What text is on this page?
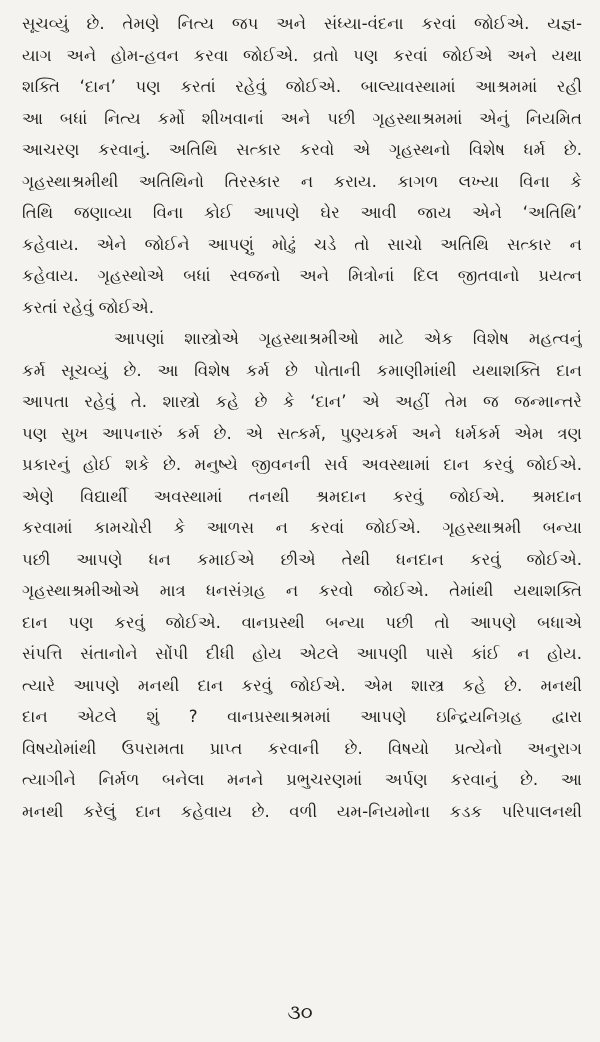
સૂચવ્યું છે. તેમણે નિત્ય જપ અને સંધ્યા-વંદના કરવાં જોઈએ. યજ્ઞ-
યાગ અને હોમ-હવન કરવા જોઈએ. વ્રતો પણ કરવાં જોઈએ અને યથા
શક્તિ ‘દાન’ પણ કરતાં રહેવું જોઈએ. બાલ્યાવસ્થામાં આશ્રમમાં રહી
આ બધાં નિત્ય કર્મો શીખવાનાં અને પછી ગૃહસ્થાશ્રમમાં એનું નિયમિત
આચરણ કરવાનું. અતિથિ સત્કાર કરવો એ ગૃહસ્થનો વિશેષ ધર્મ છે.
ગૃહસ્થાશ્રમીથી અતિથિનો તિરસ્કાર ન કરાય. કાગળ લખ્યા વિના કે
તિથિ જણાવ્યા વિના કોઈ આપણે ઘેર આવી જાય એને ‘અતિથિ’
કહેવાય. એને જોઈને આપણું મોઢું ચડે તો સાચો અતિથિ સત્કાર ન
કહેવાય. ગૃહસ્થોએ બધાં સ્વજનો અને મિત્રોનાં દિલ જીતવાનો પ્રયત્ન
કરતાં રહેવું જોઈએ.
આપણાં શાસ્ત્રોએ ગૃહસ્થાશ્રમીઓ માટે એક વિશેષ મહત્વનું
કર્મ સૂચવ્યું છે. આ વિશેષ કર્મ છે પોતાની કમાણીમાંથી યથાશક્તિ દાન
આપતા રહેવું તે. શાસ્ત્રો કહે છે કે ‘દાન’ એ અહીં તેમ જ જન્માન્તરે
પણ સુખ આપનારું કર્મ છે. એ સત્કર્મ, પુણ્યકર્મ અને ધર્મકર્મ એમ ત્રણ
પ્રકારનું હોઈ શકે છે. મનુષ્યે જીવનની સર્વ અવસ્થામાં દાન કરવું જોઈએ.
એણે વિદ્યાર્થી અવસ્થામાં તનથી શ્રમદાન કરવું જોઈએ. શ્રમદાન
કરવામાં કામચોરી કે આળસ ન કરવાં જોઈએ. ગૃહસ્થાશ્રમી બન્યા
પછી આપણે ધન કમાઈએ છીએ તેથી ધનદાન કરવું જોઈએ.
ગૃહસ્થાશ્રમીઓએ માત્ર ધનસંગ્રહ ન કરવો જોઈએ. તેમાંથી યથાશક્તિ
દાન પણ કરવું જોઈએ. વાનપ્રસ્થી બન્યા પછી તો આપણે બધાએ
સંપત્તિ સંતાનોને સોંપી દીધી હોય એટલે આપણી પાસે કાંઈ ન હોય.
ત્યારે આપણે મનથી દાન કરવું જોઈએ. એમ શાસ્ત્ર કહે છે. મનથી
દાન એટલે શું ? વાનપ્રસ્થાશ્રમમાં આપણે ઇન્દ્રિયનિગ્રહ દ્વારા
વિષયોમાંથી ઉપરામતા પ્રાપ્ત કરવાની છે. વિષયો પ્રત્યેનો અનુરાગ
ત્યાગીને નિર્મળ બનેલા મનને પ્રભુચરણમાં અર્પણ કરવાનું છે. આ
મનથી કરેલું દાન કહેવાય છે. વળી યમ-નિયમોના કડક પરિપાલનથી
૩૦
